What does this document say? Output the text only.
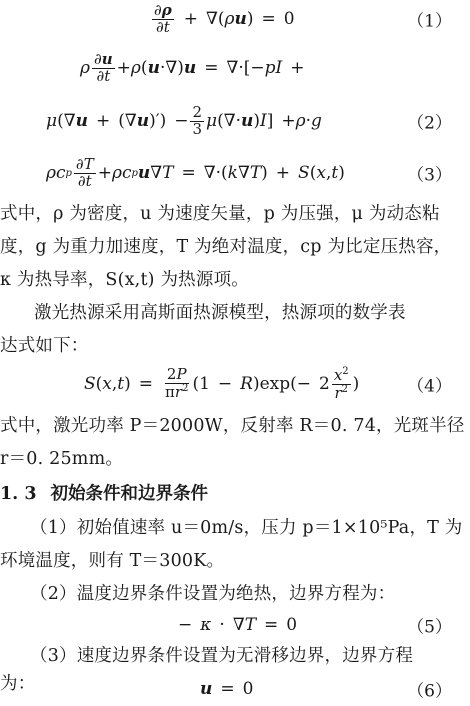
$\frac{\partial\rho}{\partial t}$ + ∇( ρ u ) = 0	（1）
ρ $\frac{\partial u}{\partial t} + \rho$ ( u ·∇) u = ∇·[− p I +
μ (∇ u + (∇ u )′) − $\frac{2}{3}$ μ (∇· u ) I ] + ρ · g	（2）
ρc p $\frac{\partial T}{\partial t} + \rho c$ p u ∇ T = ∇·( k ∇ T ) + S ( x , t )	（3）
式中，ρ 为密度，u 为速度矢量，p 为压强，μ 为动态粘
度，g 为重力加速度，T 为绝对温度，cp 为比定压热容，
κ 为热导率，S(x,t) 为热源项。
激光热源采用高斯面热源模型，热源项的数学表
达式如下：
S ( x , t ) = $\frac{2P}{\pi r^2} (1 - R$ )$\exp(- 2 \frac{x^2}{r^2}$ )	（4）
式中，激光功率 P＝2000W，反射率 R＝0. 74，光斑半径
r＝0. 25mm。
1. 3 初始条件和边界条件
（1）初始值速率 u＝0m/s，压力 p＝1×10⁵Pa，T 为
环境温度，则有 T＝300K。
（2）温度边界条件设置为绝热，边界方程为：
− κ · ∇ T = 0	（5）
（3）速度边界条件设置为无滑移边界，边界方程
为：	u = 0	（6）
